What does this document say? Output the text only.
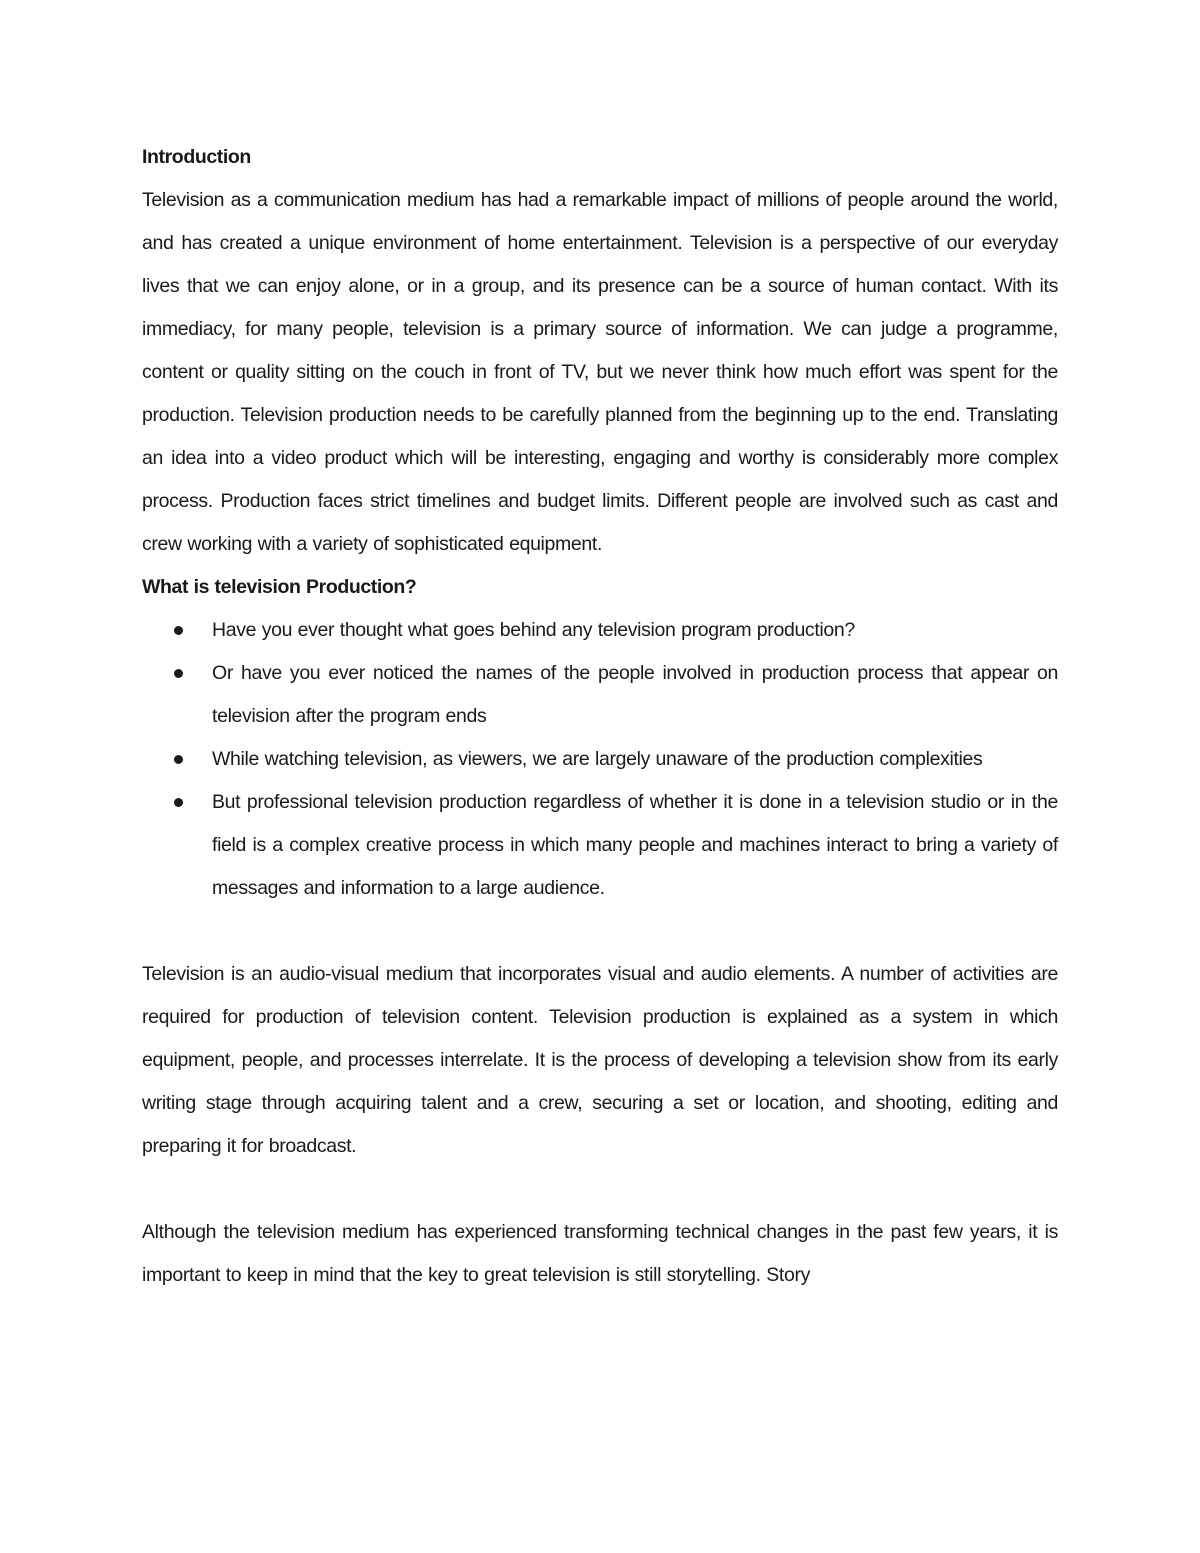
Introduction

Television as a communication medium has had a remarkable impact of millions of people around the world, and has created a unique environment of home entertainment. Television is a perspective of our everyday lives that we can enjoy alone, or in a group, and its presence can be a source of human contact. With its immediacy, for many people, television is a primary source of information. We can judge a programme, content or quality sitting on the couch in front of TV, but we never think how much effort was spent for the production. Television production needs to be carefully planned from the beginning up to the end. Translating an idea into a video product which will be interesting, engaging and worthy is considerably more complex process. Production faces strict timelines and budget limits. Different people are involved such as cast and crew working with a variety of sophisticated equipment.

What is television Production?

Have you ever thought what goes behind any television program production?
Or have you ever noticed the names of the people involved in production process that appear on television after the program ends
While watching television, as viewers, we are largely unaware of the production complexities
But professional television production regardless of whether it is done in a television studio or in the field is a complex creative process in which many people and machines interact to bring a variety of messages and information to a large audience.

Television is an audio-visual medium that incorporates visual and audio elements. A number of activities are required for production of television content. Television production is explained as a system in which equipment, people, and processes interrelate. It is the process of developing a television show from its early writing stage through acquiring talent and a crew, securing a set or location, and shooting, editing and preparing it for broadcast.

Although the television medium has experienced transforming technical changes in the past few years, it is important to keep in mind that the key to great television is still storytelling. Story
